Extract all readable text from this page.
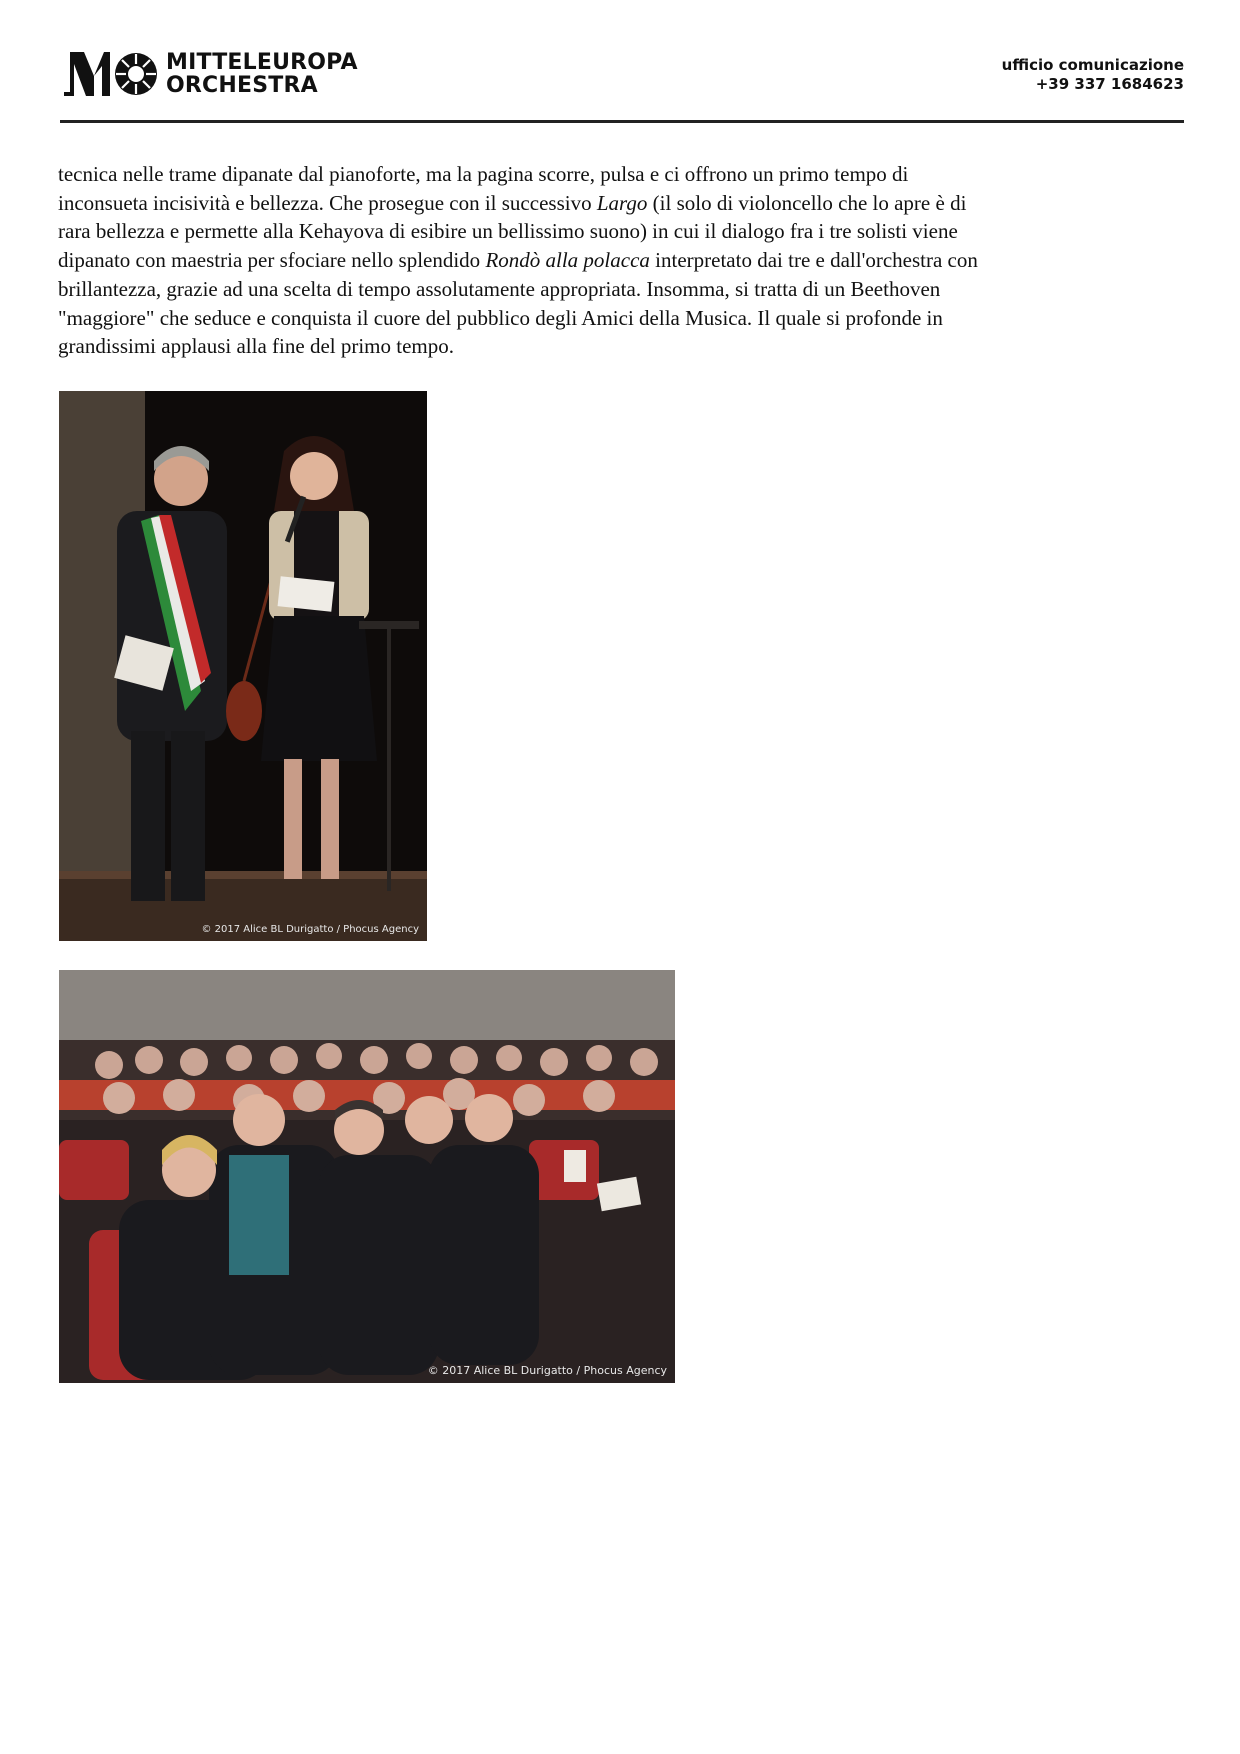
MITTELEUROPA
ORCHESTRA
ufficio comunicazione
+39 337 1684623
tecnica nelle trame dipanate dal pianoforte, ma la pagina scorre, pulsa e ci offrono un primo tempo di
inconsueta incisività e bellezza. Che prosegue con il successivo Largo (il solo di violoncello che lo apre è di
rara bellezza e permette alla Kehayova di esibire un bellissimo suono) in cui il dialogo fra i tre solisti viene
dipanato con maestria per sfociare nello splendido Rondò alla polacca interpretato dai tre e dall'orchestra con
brillantezza, grazie ad una scelta di tempo assolutamente appropriata. Insomma, si tratta di un Beethoven
"maggiore" che seduce e conquista il cuore del pubblico degli Amici della Musica. Il quale si profonde in
grandissimi applausi alla fine del primo tempo.
© 2017 Alice BL Durigatto / Phocus Agency
© 2017 Alice BL Durigatto / Phocus Agency
